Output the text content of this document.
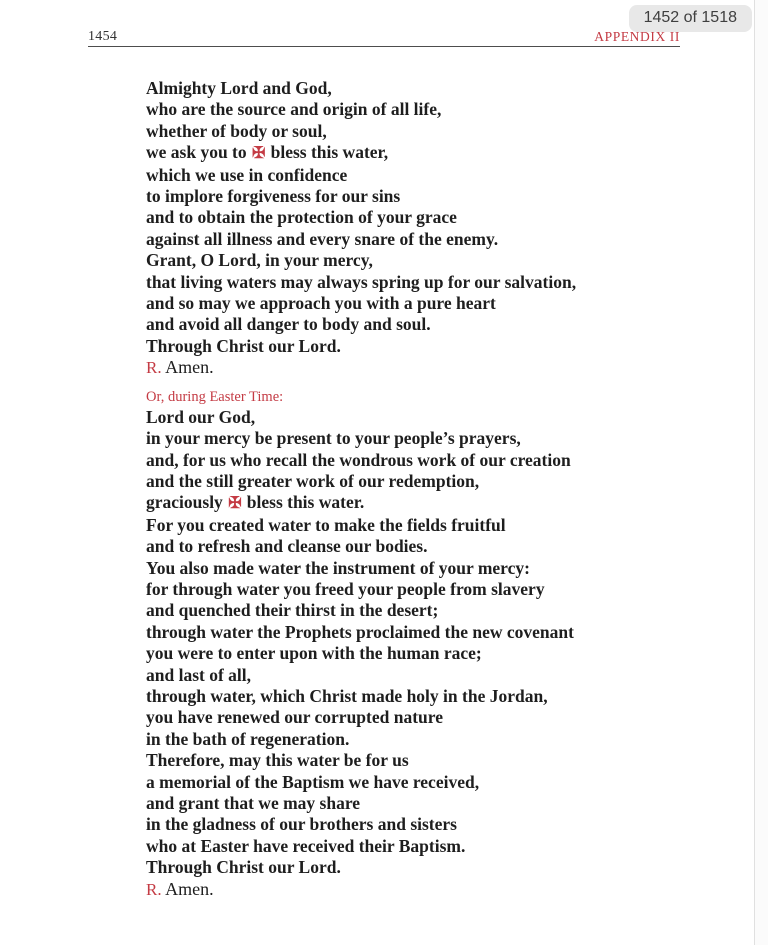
1452 of 1518
1454	APPENDIX II
Almighty Lord and God,
who are the source and origin of all life,
whether of body or soul,
we ask you to ✠ bless this water,
which we use in confidence
to implore forgiveness for our sins
and to obtain the protection of your grace
against all illness and every snare of the enemy.
Grant, O Lord, in your mercy,
that living waters may always spring up for our salvation,
and so may we approach you with a pure heart
and avoid all danger to body and soul.
Through Christ our Lord.
R. Amen.
Or, during Easter Time:
Lord our God,
in your mercy be present to your people’s prayers,
and, for us who recall the wondrous work of our creation
and the still greater work of our redemption,
graciously ✠ bless this water.
For you created water to make the fields fruitful
and to refresh and cleanse our bodies.
You also made water the instrument of your mercy:
for through water you freed your people from slavery
and quenched their thirst in the desert;
through water the Prophets proclaimed the new covenant
you were to enter upon with the human race;
and last of all,
through water, which Christ made holy in the Jordan,
you have renewed our corrupted nature
in the bath of regeneration.
Therefore, may this water be for us
a memorial of the Baptism we have received,
and grant that we may share
in the gladness of our brothers and sisters
who at Easter have received their Baptism.
Through Christ our Lord.
R. Amen.
